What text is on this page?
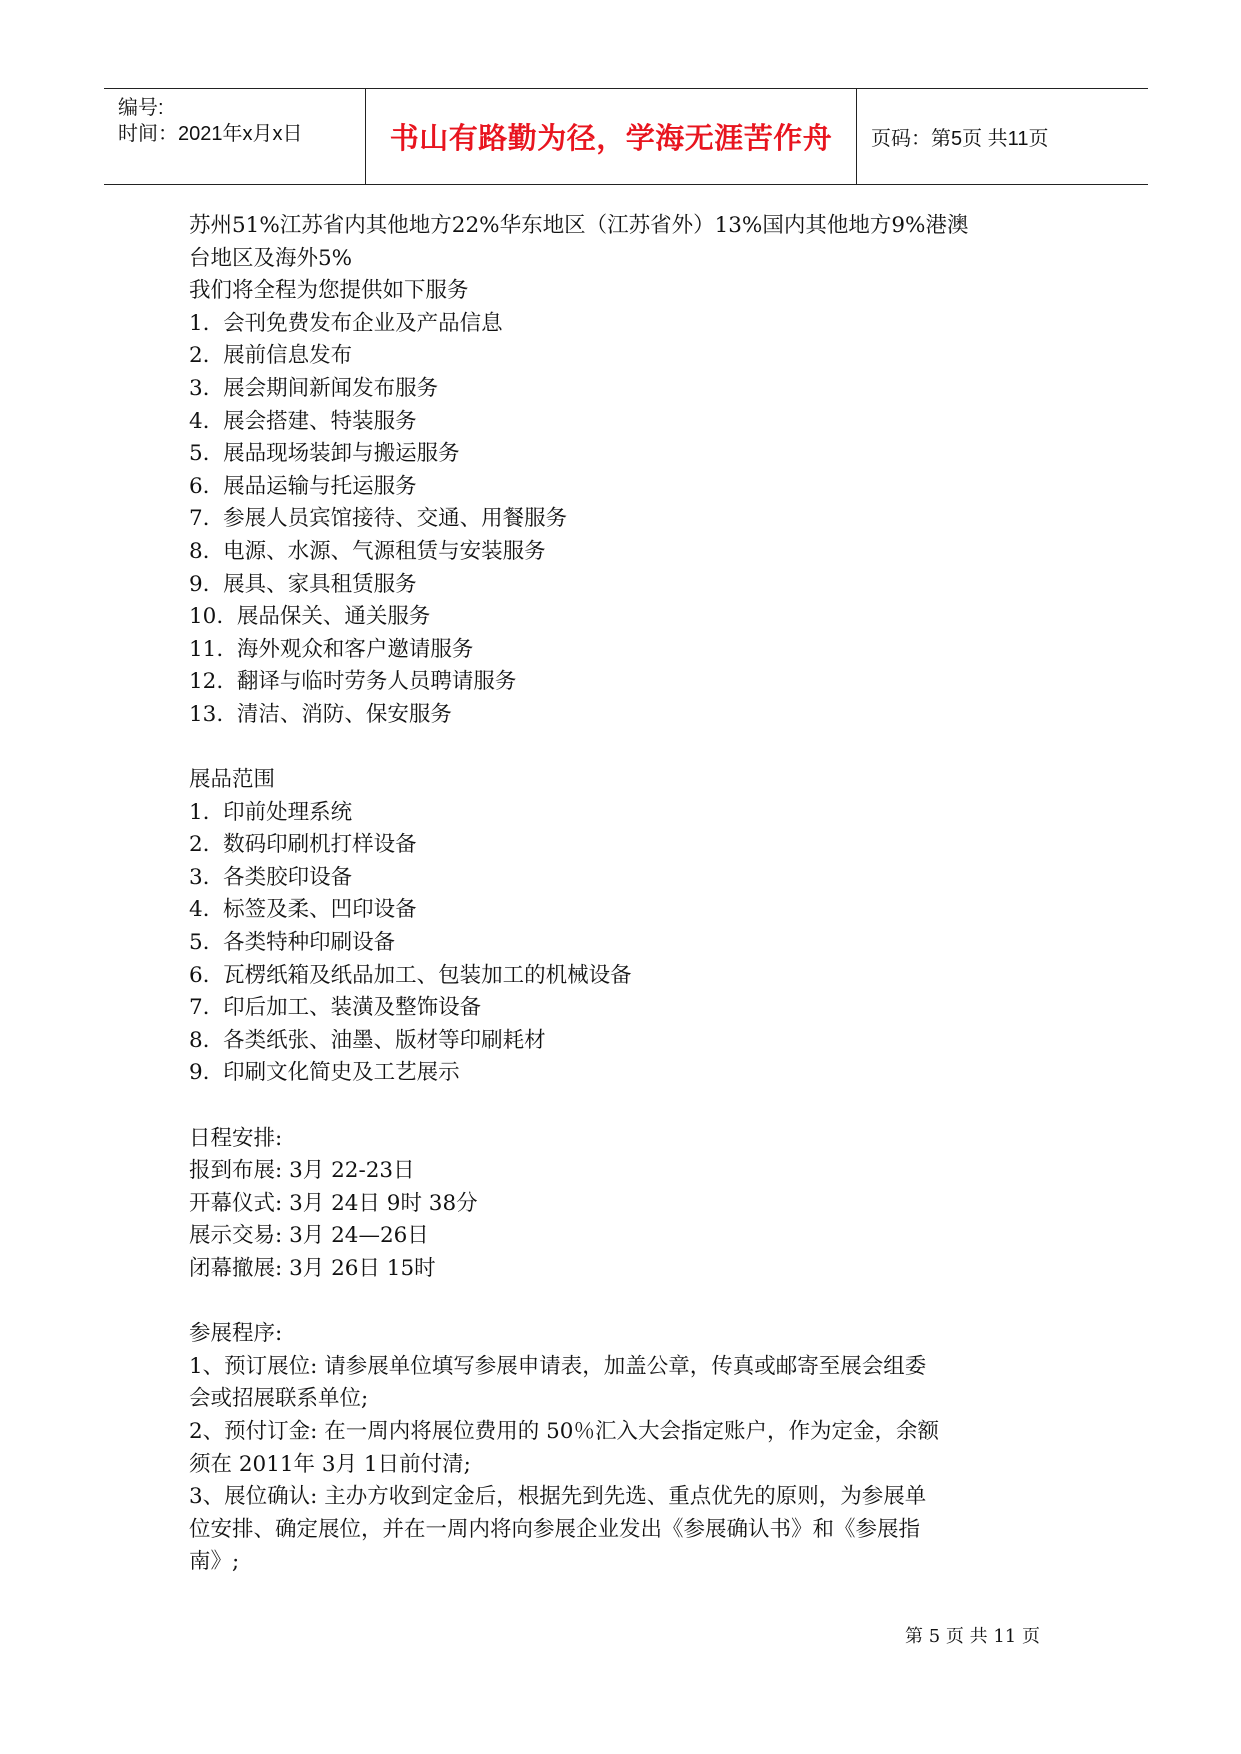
编号:
时间：2021年x月x日	书山有路勤为径，学海无涯苦作舟	页码：第5页 共11页

苏州51%江苏省内其他地方22%华东地区（江苏省外）13%国内其他地方9%港澳

台地区及海外5%

我们将全程为您提供如下服务

1.  会刊免费发布企业及产品信息

2.  展前信息发布

3.  展会期间新闻发布服务

4.  展会搭建、特装服务

5.  展品现场装卸与搬运服务

6.  展品运输与托运服务

7.  参展人员宾馆接待、交通、用餐服务

8.  电源、水源、气源租赁与安装服务

9.  展具、家具租赁服务

10.  展品保关、通关服务

11.  海外观众和客户邀请服务

12.  翻译与临时劳务人员聘请服务

13.  清洁、消防、保安服务

展品范围

1.  印前处理系统

2.  数码印刷机打样设备

3.  各类胶印设备

4.  标签及柔、凹印设备

5.  各类特种印刷设备

6.  瓦楞纸箱及纸品加工、包装加工的机械设备

7.  印后加工、装潢及整饰设备

8.  各类纸张、油墨、版材等印刷耗材

9.  印刷文化简史及工艺展示

日程安排:

报到布展: 3月 22-23日

开幕仪式: 3月 24日 9时 38分

展示交易: 3月 24—26日

闭幕撤展: 3月 26日 15时

参展程序:

1、预订展位: 请参展单位填写参展申请表，加盖公章，传真或邮寄至展会组委

会或招展联系单位;

2、预付订金: 在一周内将展位费用的 50％汇入大会指定账户，作为定金，余额

须在 2011年 3月 1日前付清;

3、展位确认: 主办方收到定金后，根据先到先选、重点优先的原则，为参展单

位安排、确定展位，并在一周内将向参展企业发出《参展确认书》和《参展指

南》;

第 5 页 共 11 页
